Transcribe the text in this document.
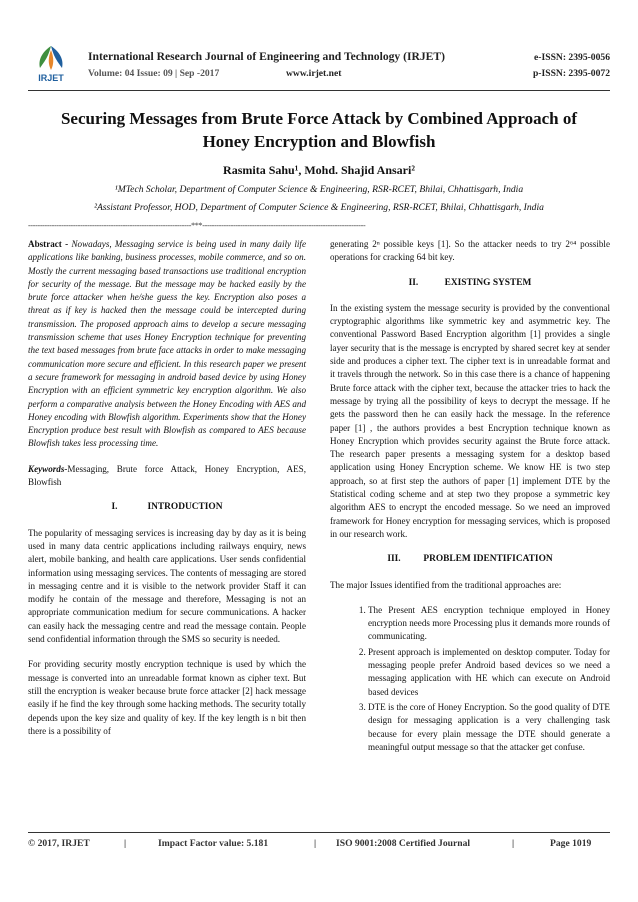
IRJET
International Research Journal of Engineering and Technology (IRJET)
Volume: 04 Issue: 09 | Sep -2017	www.irjet.net
e-ISSN: 2395-0056
p-ISSN: 2395-0072
Securing Messages from Brute Force Attack by Combined Approach of Honey Encryption and Blowfish
Rasmita Sahu¹, Mohd. Shajid Ansari²
¹MTech Scholar, Department of Computer Science & Engineering, RSR-RCET, Bhilai, Chhattisgarh, India
²Assistant Professor, HOD, Department of Computer Science & Engineering, RSR-RCET, Bhilai, Chhattisgarh, India
---------------------------------------------------------------------***---------------------------------------------------------------------

Abstract - Nowadays, Messaging service is being used in many daily life applications like banking, business processes, mobile commerce, and so on. Mostly the current messaging based transactions use traditional encryption for security of the message. But the message may be hacked easily by the brute force attacker when he/she guess the key. Encryption also poses a threat as if key is hacked then the message could be intercepted during transmission. The proposed approach aims to develop a secure messaging transmission scheme that uses Honey Encryption technique for preventing the text based messages from brute face attacks in order to make messaging communication more secure and efficient. In this research paper we present a secure framework for messaging in android based device by using Honey Encryption with an efficient symmetric key encryption algorithm. We also perform a comparative analysis between the Honey Encoding with AES and Honey encoding with Blowfish algorithm. Experiments show that the Honey Encryption produce best result with Blowfish as compared to AES because Blowfish takes less processing time.

Keywords-Messaging, Brute force Attack, Honey Encryption, AES, Blowfish

I.	INTRODUCTION

The popularity of messaging services is increasing day by day as it is being used in many data centric applications including railways enquiry, news alert, mobile banking, and health care applications. User sends confidential information using messaging services. The contents of messaging are stored in messaging centre and it is visible to the network provider Staff it can modify he contain of the message and therefore, Messaging is not an appropriate communication medium for secure communications. A hacker can easily hack the messaging centre and read the message contain. People send confidential information through the SMS so security is needed.

For providing security mostly encryption technique is used by which the message is converted into an unreadable format known as cipher text. But still the encryption is weaker because brute force attacker [2] hack message easily if he find the key through some hacking methods. The security totally depends upon the key size and quality of key. If the key length is n bit then there is a possibility of

generating 2ⁿ possible keys [1]. So the attacker needs to try 2⁶⁴ possible operations for cracking 64 bit key.

II.	EXISTING SYSTEM

In the existing system the message security is provided by the conventional cryptographic algorithms like symmetric key and asymmetric key. The conventional Password Based Encryption algorithm [1] provides a single layer security that is the message is encrypted by shared secret key at sender side and produces a cipher text. The cipher text is in unreadable format and it travels through the network. So in this case there is a chance of happening Brute force attack with the cipher text, because the attacker tries to hack the message by trying all the possibility of keys to decrypt the message. If he gets the password then he can easily hack the message. In the reference paper [1] , the authors provides a best Encryption technique known as Honey Encryption which provides security against the Brute force attack. The research paper presents a messaging system for a desktop based application using Honey Encryption scheme. We know HE is two step approach, so at first step the authors of paper [1] implement DTE by the Statistical coding scheme and at step two they propose a symmetric key algorithm AES to encrypt the encoded message. So we need an improved framework for Honey encryption for messaging services, which is proposed in our research work.

III. PROBLEM IDENTIFICATION

The major Issues identified from the traditional approaches are:

1. The Present AES encryption technique employed in Honey encryption needs more Processing plus it demands more rounds of communicating.
2. Present approach is implemented on desktop computer. Today for messaging people prefer Android based devices so we need a messaging application with HE which can execute on Android based devices
3. DTE is the core of Honey Encryption. So the good quality of DTE design for messaging application is a very challenging task because for every plain message the DTE should generate a meaningful output message so that the attacker get confuse.
© 2017, IRJET	|	Impact Factor value: 5.181	| ISO 9001:2008 Certified Journal	|	Page 1019
